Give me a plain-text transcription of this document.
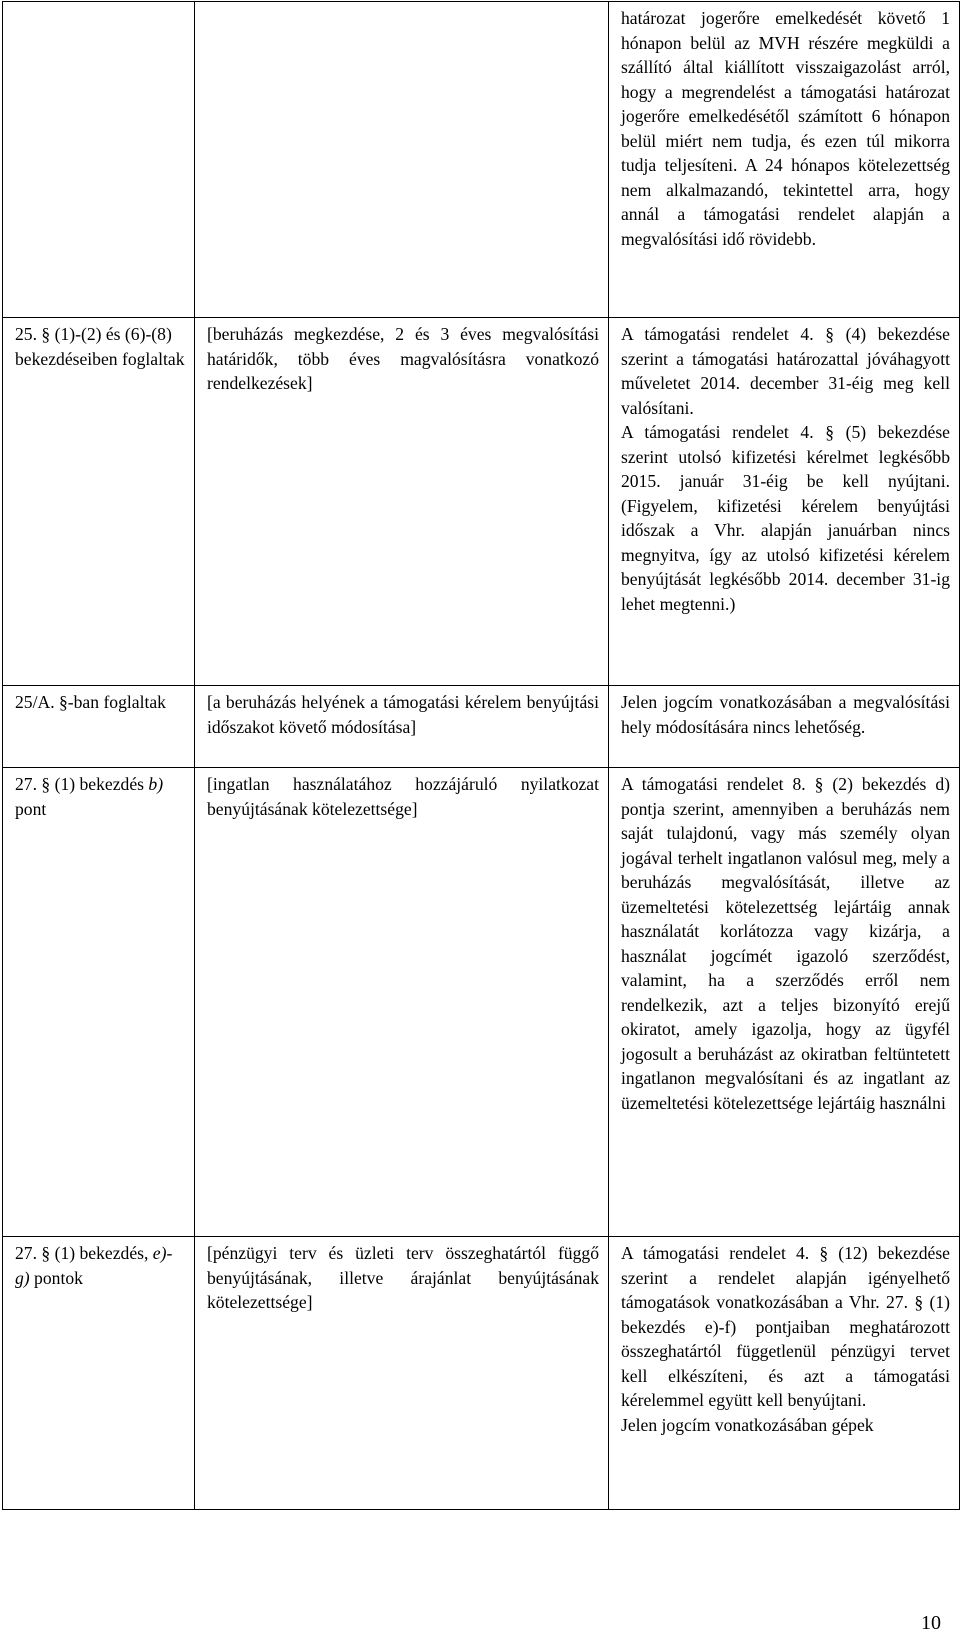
		határozat jogerőre emelkedését követő 1 hónapon belül az MVH részére megküldi a szállító által kiállított visszaigazolást arról, hogy a megrendelést a támogatási határozat jogerőre emelkedésétől számított 6 hónapon belül miért nem tudja, és ezen túl mikorra tudja teljesíteni. A 24 hónapos kötelezettség nem alkalmazandó, tekintettel arra, hogy annál a támogatási rendelet alapján a megvalósítási idő rövidebb.

25. § (1)-(2) és (6)-(8) bekezdéseiben foglaltak	[beruházás megkezdése, 2 és 3 éves megvalósítási határidők, több éves magvalósításra vonatkozó rendelkezések]	A támogatási rendelet 4. § (4) bekezdése szerint a támogatási határozattal jóváhagyott műveletet 2014. december 31-éig meg kell valósítani.

A támogatási rendelet 4. § (5) bekezdése szerint utolsó kifizetési kérelmet legkésőbb 2015. január 31-éig be kell nyújtani. (Figyelem, kifizetési kérelem benyújtási időszak a Vhr. alapján januárban nincs megnyitva, így az utolsó kifizetési kérelem benyújtását legkésőbb 2014. december 31-ig lehet megtenni.)

25/A. §-ban foglaltak	[a beruházás helyének a támogatási kérelem benyújtási időszakot követő módosítása]	Jelen jogcím vonatkozásában a megvalósítási hely módosítására nincs lehetőség.

27. § (1) bekezdés b) pont	[ingatlan használatához hozzájáruló nyilatkozat benyújtásának kötelezettsége]	A támogatási rendelet 8. § (2) bekezdés d) pontja szerint, amennyiben a beruházás nem saját tulajdonú, vagy más személy olyan jogával terhelt ingatlanon valósul meg, mely a beruházás megvalósítását, illetve az üzemeltetési kötelezettség lejártáig annak használatát korlátozza vagy kizárja, a használat jogcímét igazoló szerződést, valamint, ha a szerződés erről nem rendelkezik, azt a teljes bizonyító erejű okiratot, amely igazolja, hogy az ügyfél jogosult a beruházást az okiratban feltüntetett ingatlanon megvalósítani és az ingatlant az üzemeltetési kötelezettsége lejártáig használni

27. § (1) bekezdés, e)-g) pontok	[pénzügyi terv és üzleti terv összeghatártól függő benyújtásának, illetve árajánlat benyújtásának kötelezettsége]	A támogatási rendelet 4. § (12) bekezdése szerint a rendelet alapján igényelhető támogatások vonatkozásában a Vhr. 27. § (1) bekezdés e)-f) pontjaiban meghatározott összeghatártól függetlenül pénzügyi tervet kell elkészíteni, és azt a támogatási kérelemmel együtt kell benyújtani.

Jelen jogcím vonatkozásában gépek

10
